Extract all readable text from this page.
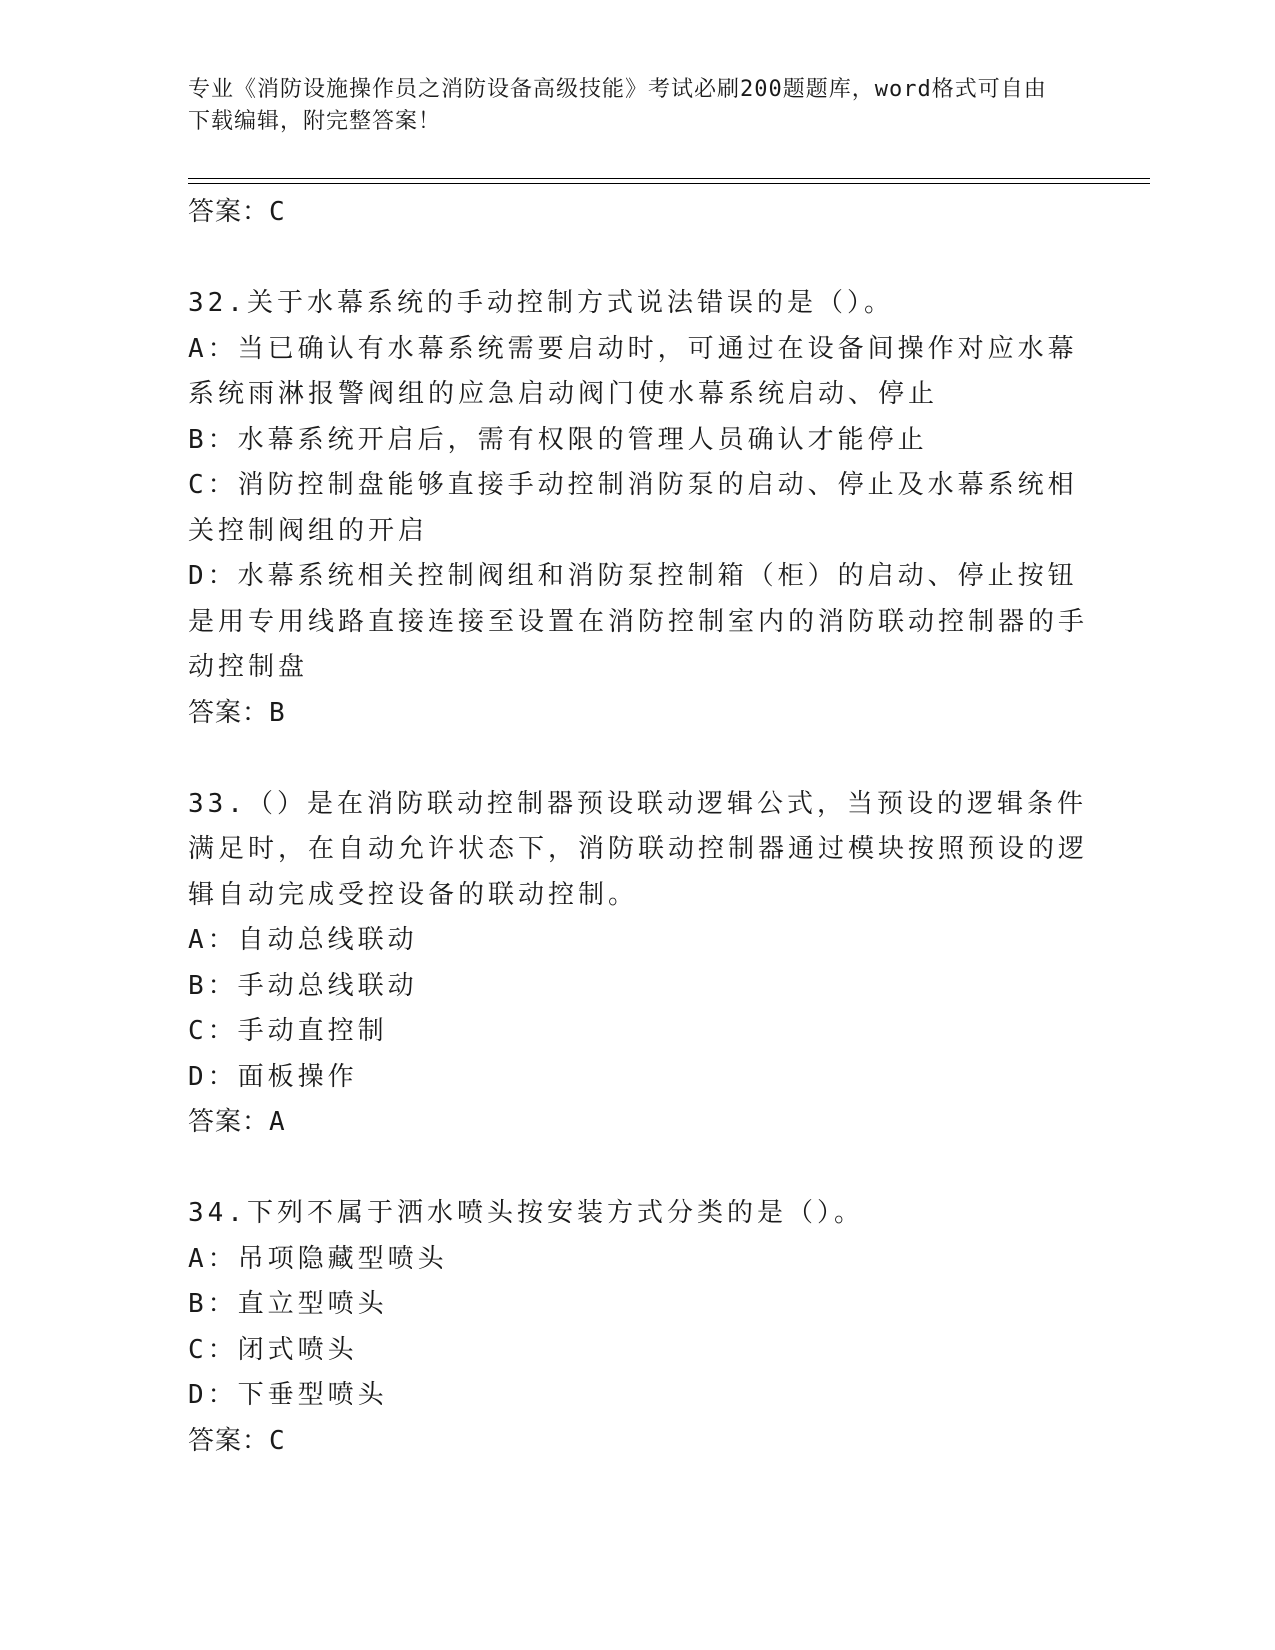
专业《消防设施操作员之消防设备高级技能》考试必刷200题题库，word格式可自由下载编辑，附完整答案！
答案：C
32.关于水幕系统的手动控制方式说法错误的是（）。
A：当已确认有水幕系统需要启动时，可通过在设备间操作对应水幕系统雨淋报警阀组的应急启动阀门使水幕系统启动、停止
B：水幕系统开启后，需有权限的管理人员确认才能停止
C：消防控制盘能够直接手动控制消防泵的启动、停止及水幕系统相关控制阀组的开启
D：水幕系统相关控制阀组和消防泵控制箱（柜）的启动、停止按钮是用专用线路直接连接至设置在消防控制室内的消防联动控制器的手动控制盘
答案：B
33.（）是在消防联动控制器预设联动逻辑公式，当预设的逻辑条件满足时，在自动允许状态下，消防联动控制器通过模块按照预设的逻辑自动完成受控设备的联动控制。
A：自动总线联动
B：手动总线联动
C：手动直控制
D：面板操作
答案：A
34.下列不属于洒水喷头按安装方式分类的是（）。
A：吊项隐藏型喷头
B：直立型喷头
C：闭式喷头
D：下垂型喷头
答案：C
